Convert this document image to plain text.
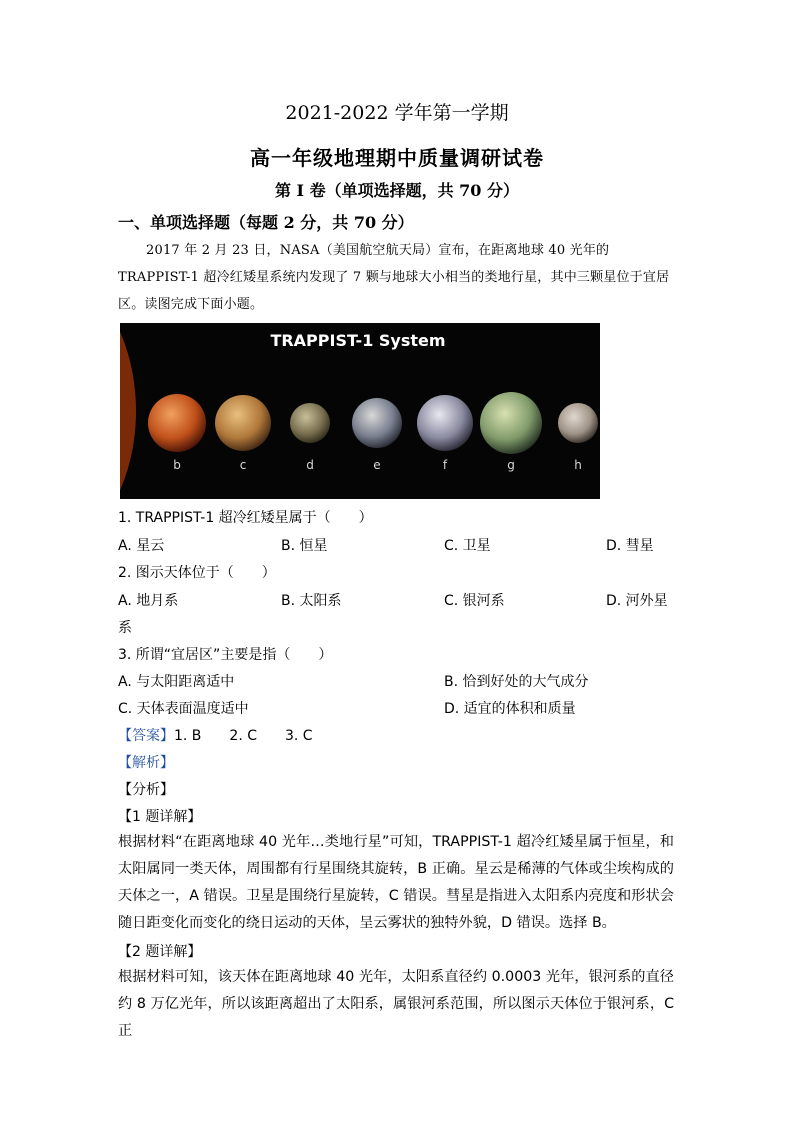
2021-2022 学年第一学期
高一年级地理期中质量调研试卷
第 I 卷（单项选择题，共 70 分）
一、单项选择题（每题 2 分，共 70 分）
2017 年 2 月 23 日，NASA（美国航空航天局）宣布，在距离地球 40 光年的 TRAPPIST-1 超冷红矮星系统内发现了 7 颗与地球大小相当的类地行星，其中三颗星位于宜居区。读图完成下面小题。
TRAPPIST-1 System
b	c	d	e	f	g	h
1. TRAPPIST-1 超冷红矮星属于（　　）
A. 星云	B. 恒星	C. 卫星	D. 彗星
2. 图示天体位于（　　）
A. 地月系	B. 太阳系	C. 银河系	D. 河外星
系
3. 所谓“宜居区”主要是指（　　）
A. 与太阳距离适中	B. 恰到好处的大气成分
C. 天体表面温度适中	D. 适宜的体积和质量
【答案】1. B　　2. C　　3. C
【解析】
【分析】
【1 题详解】
根据材料“在距离地球 40 光年…类地行星”可知，TRAPPIST-1 超冷红矮星属于恒星，和太阳属同一类天体，周围都有行星围绕其旋转，B 正确。星云是稀薄的气体或尘埃构成的天体之一，A 错误。卫星是围绕行星旋转，C 错误。彗星是指进入太阳系内亮度和形状会随日距变化而变化的绕日运动的天体，呈云雾状的独特外貌，D 错误。选择 B。
【2 题详解】
根据材料可知，该天体在距离地球 40 光年，太阳系直径约 0.0003 光年，银河系的直径约 8 万亿光年，所以该距离超出了太阳系，属银河系范围，所以图示天体位于银河系，C 正
